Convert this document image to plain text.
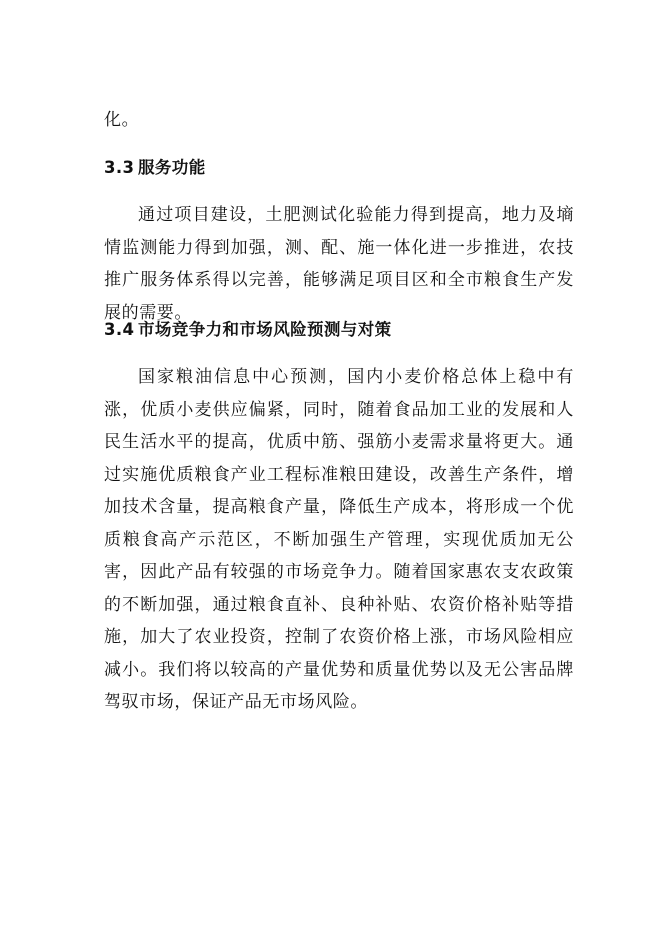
化。
3.3 服务功能
通过项目建设，土肥测试化验能力得到提高，地力及墒情监测能力得到加强，测、配、施一体化进一步推进，农技推广服务体系得以完善，能够满足项目区和全市粮食生产发展的需要。
3.4 市场竞争力和市场风险预测与对策
国家粮油信息中心预测，国内小麦价格总体上稳中有涨，优质小麦供应偏紧，同时，随着食品加工业的发展和人民生活水平的提高，优质中筋、强筋小麦需求量将更大。通过实施优质粮食产业工程标准粮田建设，改善生产条件，增加技术含量，提高粮食产量，降低生产成本，将形成一个优质粮食高产示范区，不断加强生产管理，实现优质加无公害，因此产品有较强的市场竞争力。随着国家惠农支农政策的不断加强，通过粮食直补、良种补贴、农资价格补贴等措施，加大了农业投资，控制了农资价格上涨，市场风险相应减小。我们将以较高的产量优势和质量优势以及无公害品牌驾驭市场，保证产品无市场风险。
